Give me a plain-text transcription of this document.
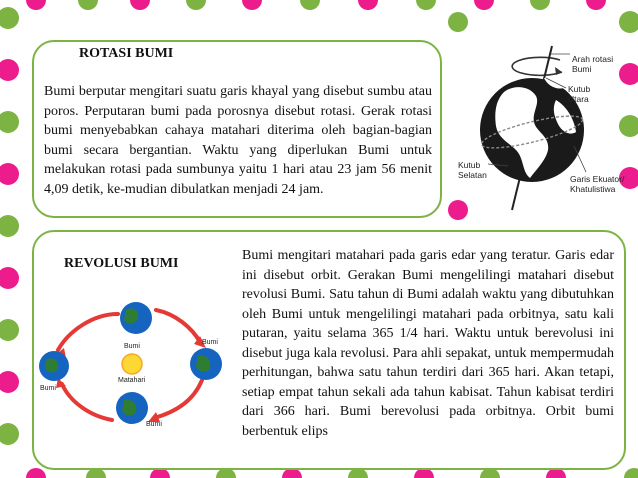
ROTASI BUMI
Bumi berputar mengitari suatu garis khayal yang disebut sumbu atau poros. Perputaran bumi pada porosnya disebut rotasi. Gerak rotasi bumi menyebabkan cahaya matahari diterima oleh bagian-bagian bumi secara bergantian. Waktu yang diperlukan Bumi untuk melakukan rotasi pada sumbunya yaitu 1 hari atau 23 jam 56 menit 4,09 detik, ke-mudian dibulatkan menjadi 24 jam.
Arah rotasi
Bumi
Kutub
Utara
Kutub
Selatan	Garis Ekuator/
Khatulistiwa
REVOLUSI BUMI
Bumi mengitari matahari pada garis edar yang teratur. Garis edar ini disebut orbit. Gerakan Bumi mengelilingi matahari disebut revolusi Bumi. Satu tahun di Bumi adalah waktu yang dibutuhkan oleh Bumi untuk mengelilingi matahari pada orbitnya, satu kali putaran, yaitu selama 365 1/4 hari. Waktu untuk berevolusi ini disebut juga kala revolusi. Para ahli sepakat, untuk mempermudah perhitungan, bahwa satu tahun terdiri dari 365 hari. Akan tetapi, setiap empat tahun sekali ada tahun kabisat. Tahun kabisat terdiri dari 366 hari. Bumi berevolusi pada orbitnya. Orbit bumi berbentuk elips
Bumi
Bumi
Bumi
Bumi
Matahari
